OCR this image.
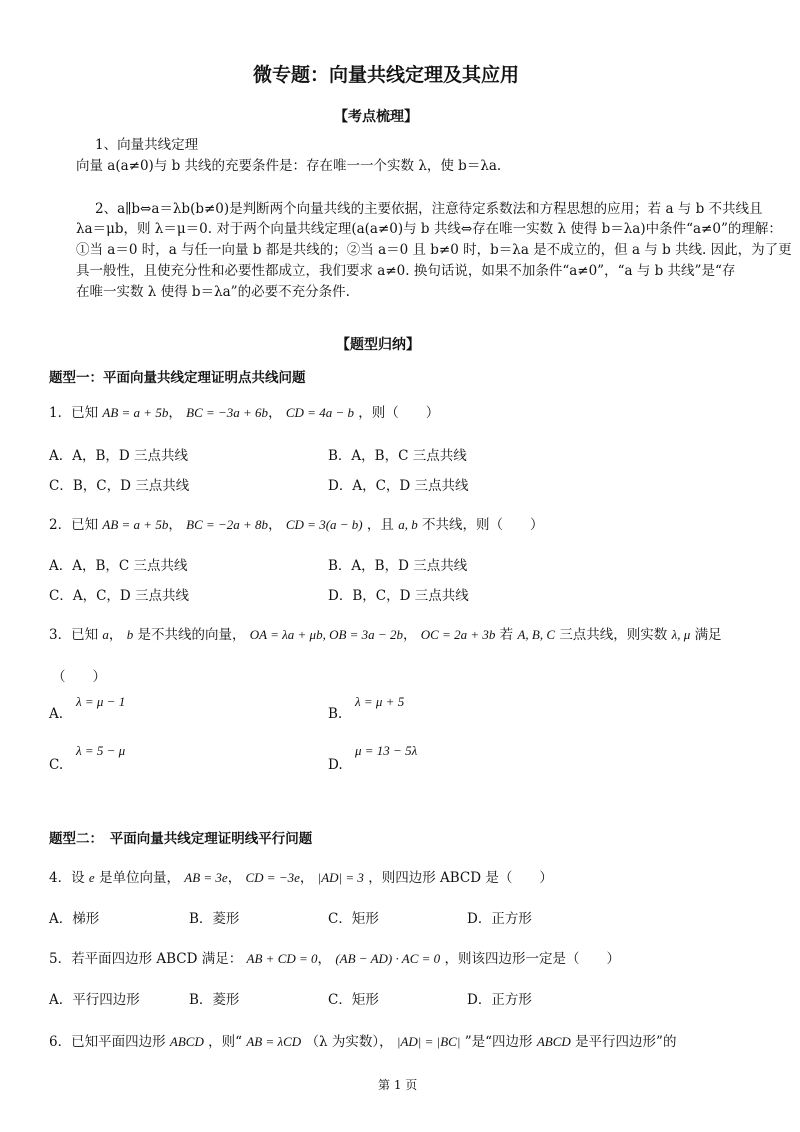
微专题：向量共线定理及其应用
【考点梳理】
1、向量共线定理
向量 a(a≠0)与 b 共线的充要条件是：存在唯一一个实数 λ，使 b＝λa.
2、a∥b⇔a＝λb(b≠0)是判断两个向量共线的主要依据，注意待定系数法和方程思想的应用；若 a 与 b 不共线且
λa＝μb，则 λ＝μ＝0. 对于两个向量共线定理(a(a≠0)与 b 共线⇔存在唯一实数 λ 使得 b＝λa)中条件“a≠0”的理解：
①当 a＝0 时，a 与任一向量 b 都是共线的；②当 a＝0 且 b≠0 时，b＝λa 是不成立的，但 a 与 b 共线. 因此，为了更
具一般性，且使充分性和必要性都成立，我们要求 a≠0. 换句话说，如果不加条件“a≠0”，“a 与 b 共线”是“存
在唯一实数 λ 使得 b＝λa”的必要不充分条件.
【题型归纳】
题型一：平面向量共线定理证明点共线问题
1．已知 AB = a + 5b， BC = −3a + 6b， CD = 4a − b ，则（　　）
A．A，B，D 三点共线	B．A，B，C 三点共线
C．B，C，D 三点共线	D．A，C，D 三点共线
2．已知 AB = a + 5b， BC = −2a + 8b， CD = 3(a − b) ，且 a, b 不共线，则（　　）
A．A，B，C 三点共线	B．A，B，D 三点共线
C．A，C，D 三点共线	D．B，C，D 三点共线
3．已知 a， b 是不共线的向量， OA = λa + μb, OB = 3a − 2b， OC = 2a + 3b 若 A, B, C 三点共线，则实数 λ, μ 满足
（　　）
A.
λ = μ − 1
B.
λ = μ + 5
C.
λ = 5 − μ
D.
μ = 13 − 5λ
题型二：　平面向量共线定理证明线平行问题
4．设 e 是单位向量， AB = 3e， CD = −3e， |AD| = 3 ，则四边形 ABCD 是（　　）
A．梯形	B．菱形	C．矩形	D．正方形
5．若平面四边形 ABCD 满足： AB + CD = 0， (AB − AD) · AC = 0 ，则该四边形一定是（　　）
A．平行四边形	B．菱形	C．矩形	D．正方形
6．已知平面四边形 ABCD ，则“ AB = λCD （λ 为实数）， |AD| = |BC| ”是“四边形 ABCD 是平行四边形”的
第 1 页
